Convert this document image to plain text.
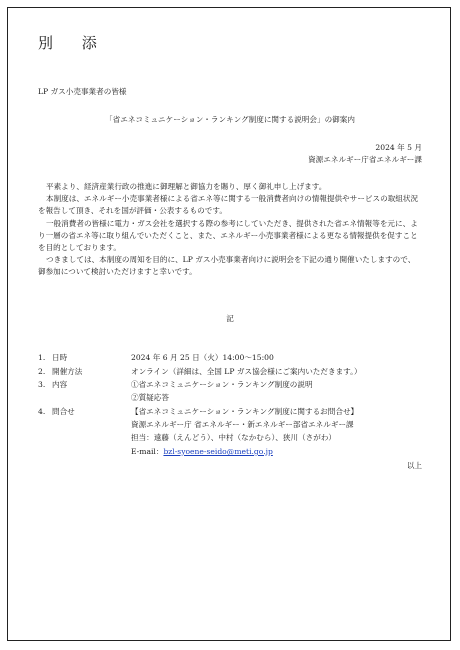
別 添
LP ガス小売事業者の皆様
「省エネコミュニケーション・ランキング制度に関する説明会」の御案内
2024 年 5 月
資源エネルギー庁省エネルギー課

平素より、経済産業行政の推進に御理解と御協力を賜り、厚く御礼申し上げます。

本制度は、エネルギー小売事業者様による省エネ等に関する一般消費者向けの情報提供やサービスの取組状況を報告して頂き、それを国が評価・公表するものです。

一般消費者の皆様に電力・ガス会社を選択する際の参考にしていただき、提供された省エネ情報等を元に、より一層の省エネ等に取り組んでいただくこと、また、エネルギー小売事業者様による更なる情報提供を促すことを目的としております。

つきましては、本制度の周知を目的に、LP ガス小売事業者向けに説明会を下記の通り開催いたしますので、御参加について検討いただけますと幸いです。

記
1. 日時	2024 年 6 月 25 日（火）14:00～15:00
2. 開催方法	オンライン（詳細は、全国 LP ガス協会様にご案内いただきます。）
3. 内容	①省エネコミュニケーション・ランキング制度の説明
②質疑応答
4. 問合せ	【省エネコミュニケーション・ランキング制度に関するお問合せ】
資源エネルギー庁 省エネルギー・新エネルギー部省エネルギー課
担当：遠藤（えんどう）、中村（なかむら）、狭川（さがわ）
E-mail：bzl-syoene-seido@meti.go.jp
以上
